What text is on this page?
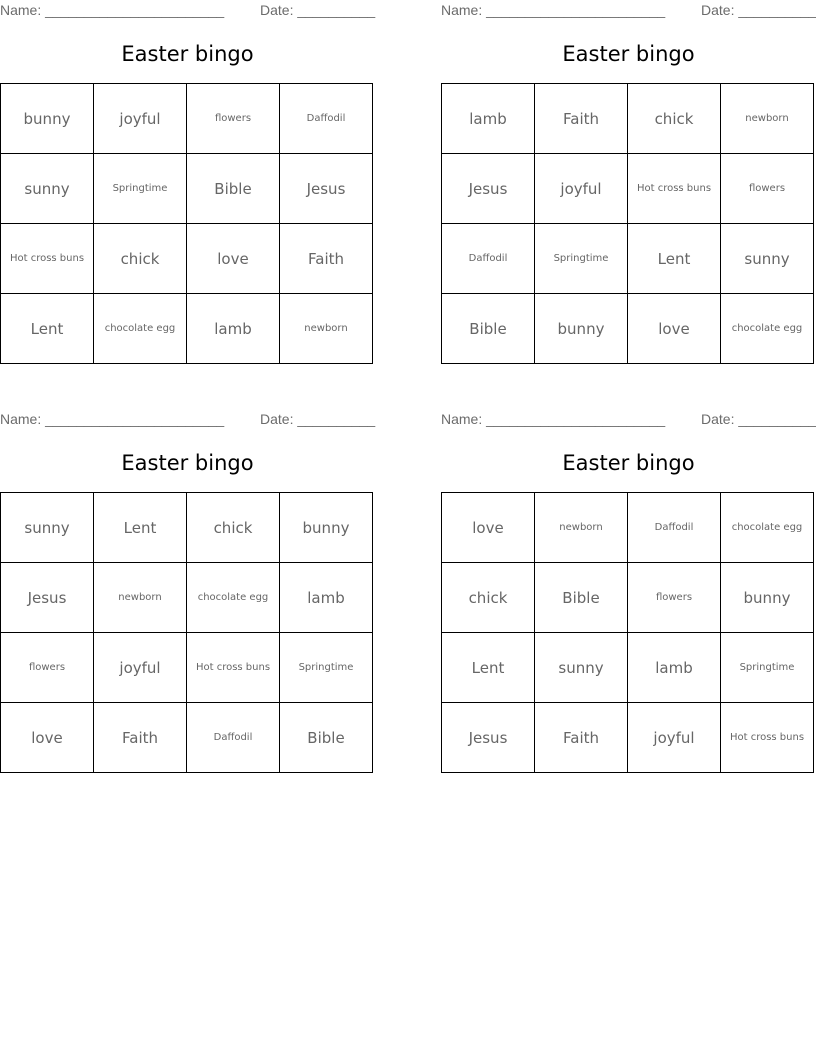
Name: _______________________	Date: __________
Easter bingo
bunny	joyful	flowers	Daffodil
sunny	Springtime	Bible	Jesus
Hot cross buns	chick	love	Faith
Lent	chocolate egg	lamb	newborn
Name: _______________________	Date: __________
Easter bingo
lamb	Faith	chick	newborn
Jesus	joyful	Hot cross buns	flowers
Daffodil	Springtime	Lent	sunny
Bible	bunny	love	chocolate egg
Name: _______________________	Date: __________
Easter bingo
sunny	Lent	chick	bunny
Jesus	newborn	chocolate egg	lamb
flowers	joyful	Hot cross buns	Springtime
love	Faith	Daffodil	Bible
Name: _______________________	Date: __________
Easter bingo
love	newborn	Daffodil	chocolate egg
chick	Bible	flowers	bunny
Lent	sunny	lamb	Springtime
Jesus	Faith	joyful	Hot cross buns
